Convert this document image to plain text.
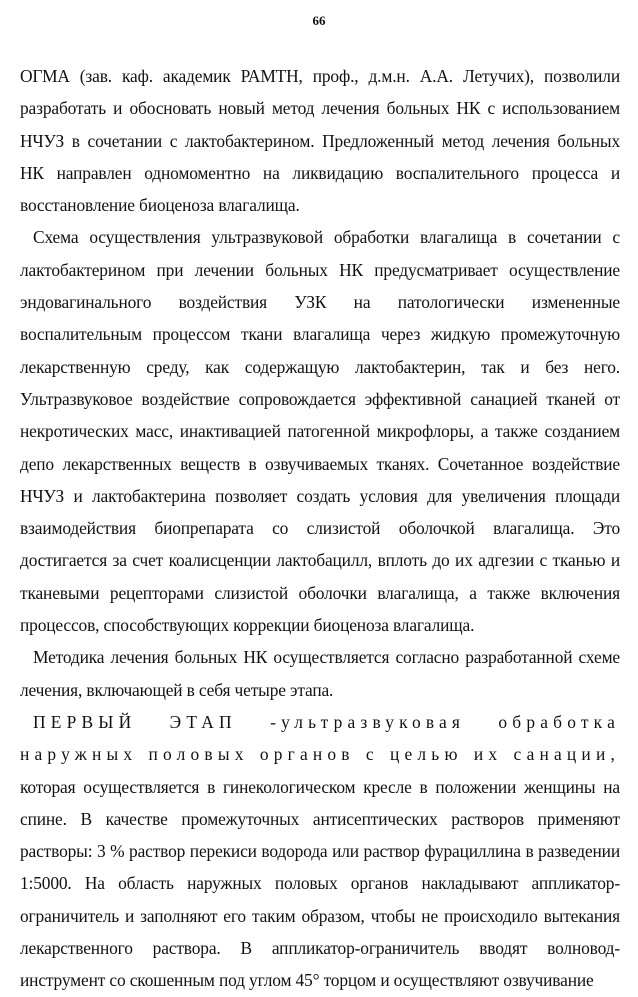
66

ОГМА (зав. каф. академик РАМТН, проф., д.м.н. А.А. Летучих), позволили разработать и обосновать новый метод лечения больных НК с использованием НЧУЗ в сочетании с лактобактерином. Предложенный метод лечения больных НК направлен одномоментно на ликвидацию воспалительного процесса и восстановление биоценоза влагалища.

Схема осуществления ультразвуковой обработки влагалища в сочетании с лактобактерином при лечении больных НК предусматривает осуществление эндовагинального воздействия УЗК на патологически измененные воспалительным процессом ткани влагалища через жидкую промежуточную лекарственную среду, как содержащую лактобактерин, так и без него. Ультразвуковое воздействие сопровождается эффективной санацией тканей от некротических масс, инактивацией патогенной микрофлоры, а также созданием депо лекарственных веществ в озвучиваемых тканях. Сочетанное воздействие НЧУЗ и лактобактерина позволяет создать условия для увеличения площади взаимодействия биопрепарата со слизистой оболочкой влагалища. Это достигается за счет коалисценции лактобацилл, вплоть до их адгезии с тканью и тканевыми рецепторами слизистой оболочки влагалища, а также включения процессов, способствующих коррекции биоценоза влагалища.

Методика лечения больных НК осуществляется согласно разработанной схеме лечения, включающей в себя четыре этапа.

ПЕРВЫЙ ЭТАП -ультразвуковая обработка наружных половых органов с целью их санации, которая осуществляется в гинекологическом кресле в положении женщины на спине. В качестве промежуточных антисептических растворов применяют растворы: 3 % раствор перекиси водорода или раствор фурациллина в разведении 1:5000. На область наружных половых органов накладывают аппликатор-ограничитель и заполняют его таким образом, чтобы не происходило вытекания лекарственного раствора. В аппликатор-ограничитель вводят волновод-инструмент со скошенным под углом 45° торцом и осуществляют озвучивание
